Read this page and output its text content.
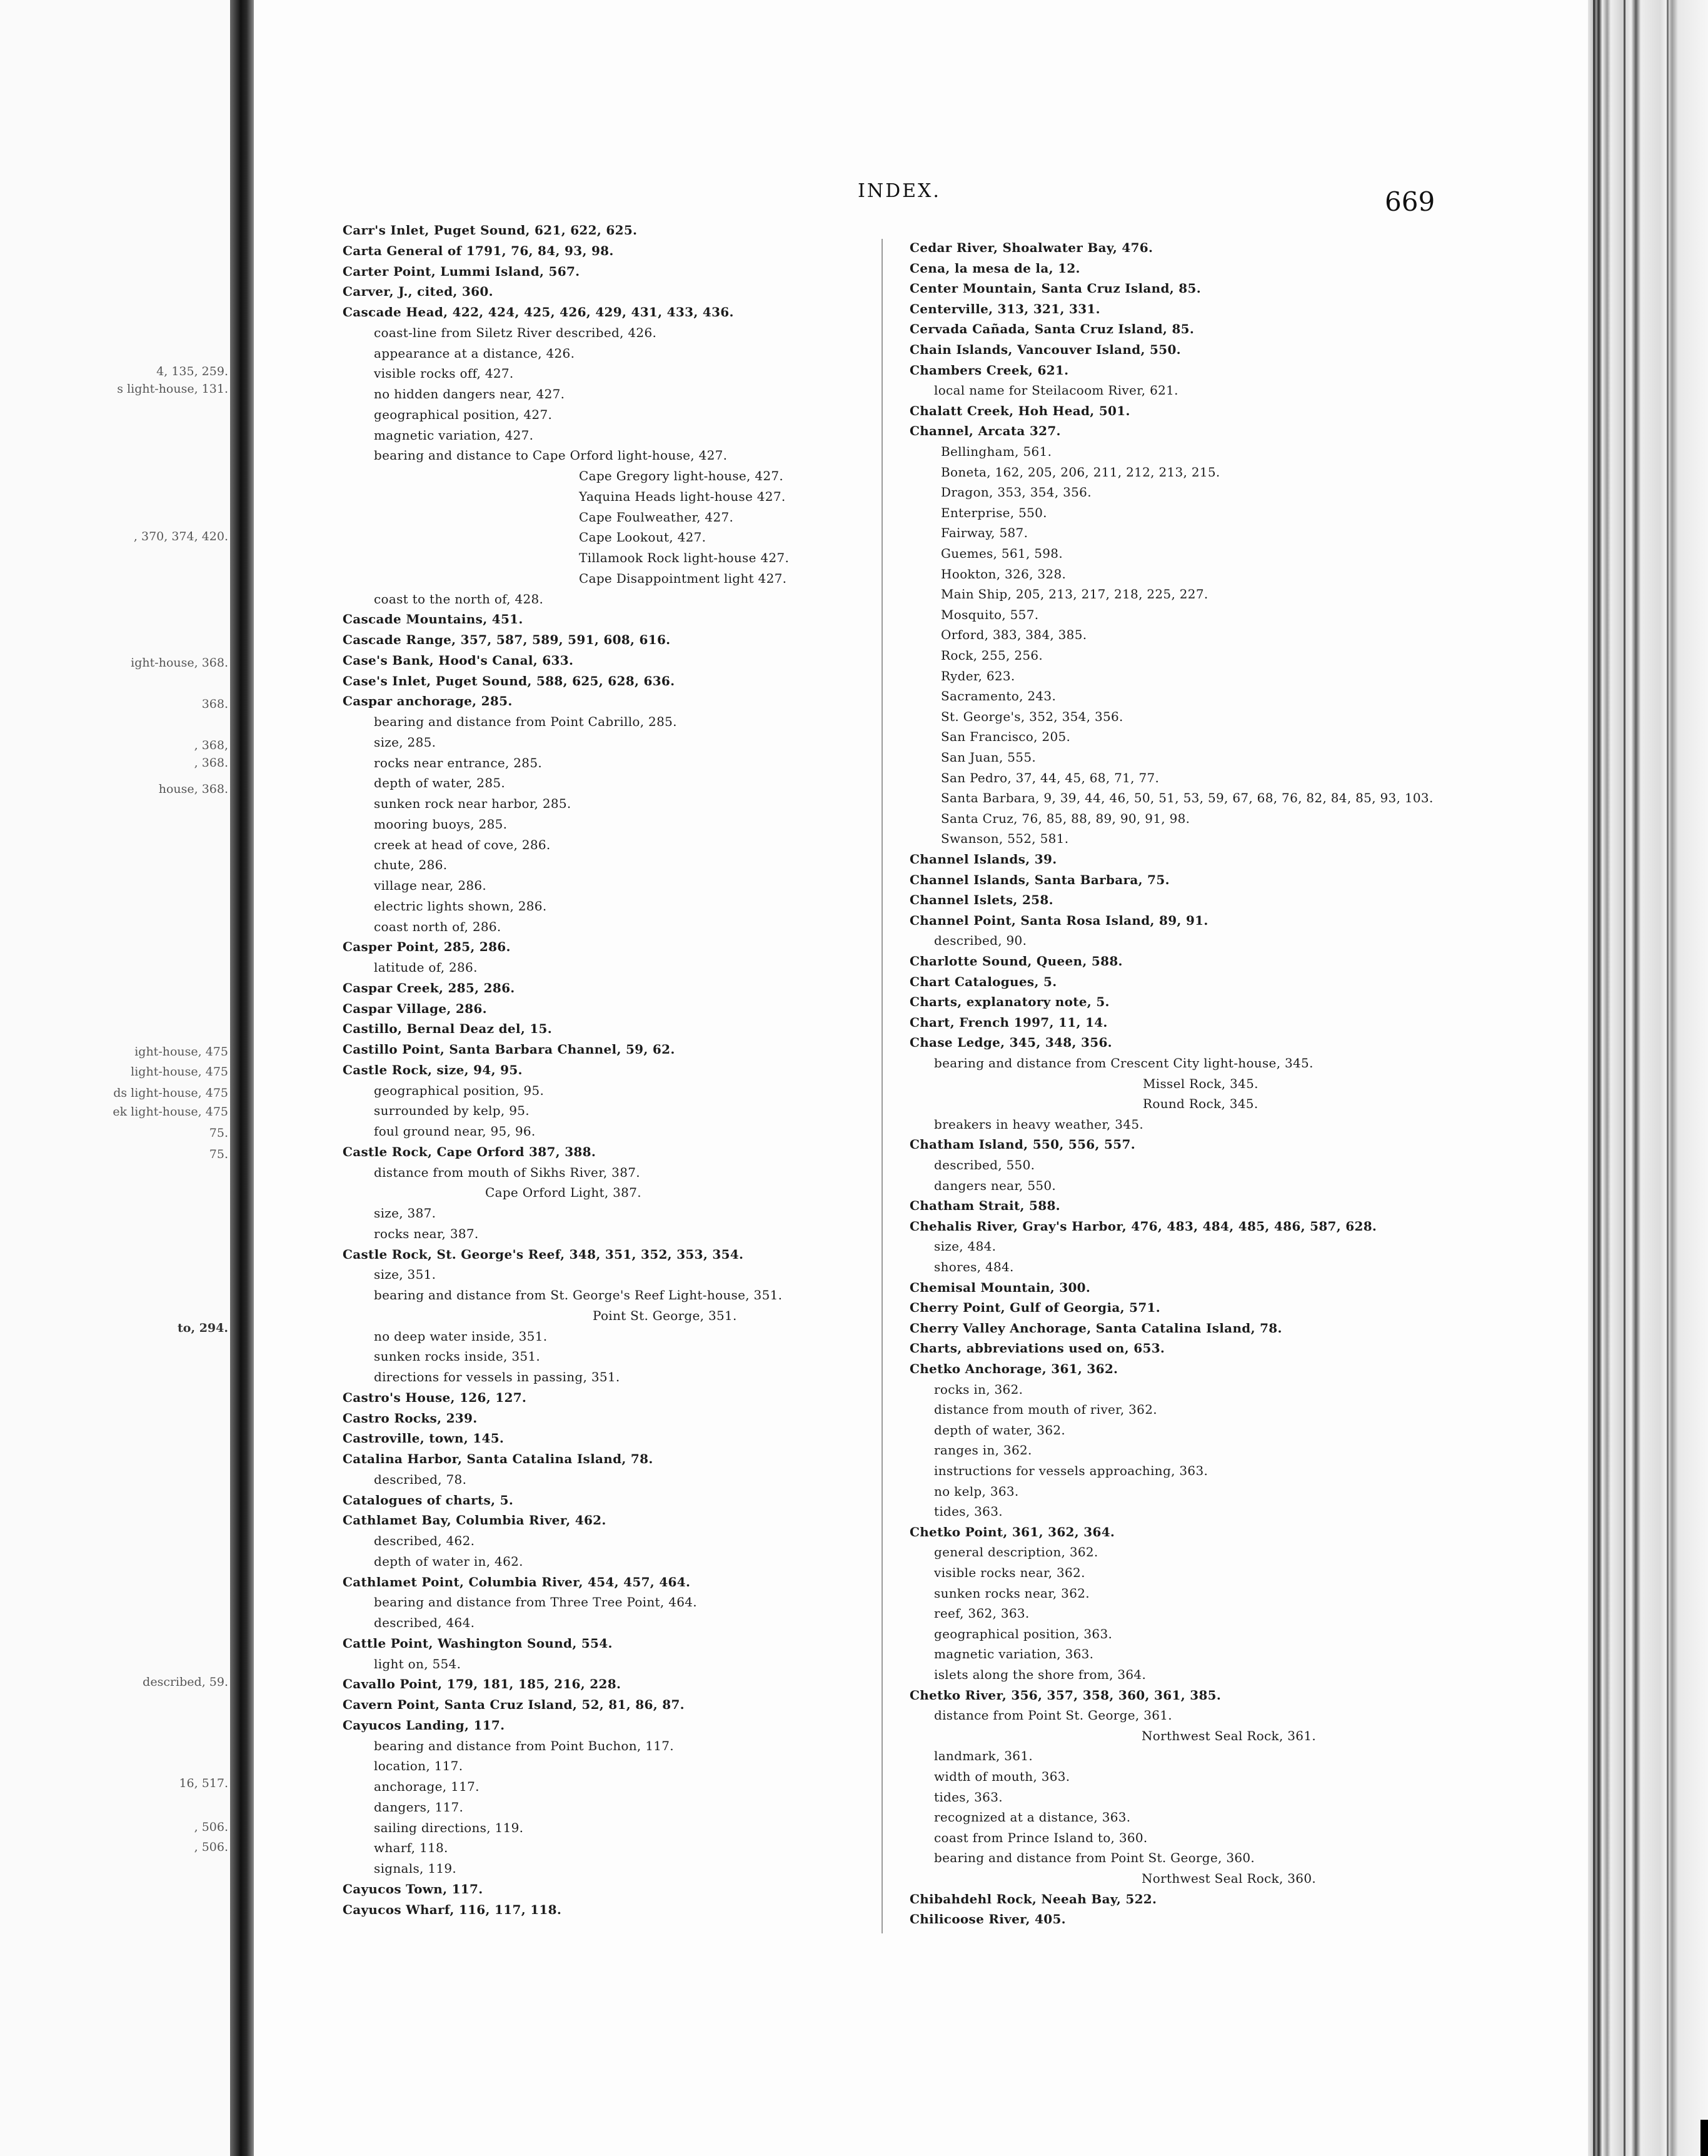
4, 135, 259.
s light-house, 131.
, 370, 374, 420.
ight-house, 368.
368.
, 368,
, 368.
house, 368.
ight-house, 475
light-house, 475
ds light-house, 475
ek light-house, 475
75.
75.
to, 294.
described, 59.
16, 517.
, 506.
, 506.
INDEX.	669
Carr's Inlet, Puget Sound, 621, 622, 625.
Carta General of 1791, 76, 84, 93, 98.
Carter Point, Lummi Island, 567.
Carver, J., cited, 360.
Cascade Head, 422, 424, 425, 426, 429, 431, 433, 436.
coast-line from Siletz River described, 426.
appearance at a distance, 426.
visible rocks off, 427.
no hidden dangers near, 427.
geographical position, 427.
magnetic variation, 427.
bearing and distance to Cape Orford light-house, 427.
Cape Gregory light-house, 427.
Yaquina Heads light-house 427.
Cape Foulweather, 427.
Cape Lookout, 427.
Tillamook Rock light-house 427.
Cape Disappointment light 427.
coast to the north of, 428.
Cascade Mountains, 451.
Cascade Range, 357, 587, 589, 591, 608, 616.
Case's Bank, Hood's Canal, 633.
Case's Inlet, Puget Sound, 588, 625, 628, 636.
Caspar anchorage, 285.
bearing and distance from Point Cabrillo, 285.
size, 285.
rocks near entrance, 285.
depth of water, 285.
sunken rock near harbor, 285.
mooring buoys, 285.
creek at head of cove, 286.
chute, 286.
village near, 286.
electric lights shown, 286.
coast north of, 286.
Casper Point, 285, 286.
latitude of, 286.
Caspar Creek, 285, 286.
Caspar Village, 286.
Castillo, Bernal Deaz del, 15.
Castillo Point, Santa Barbara Channel, 59, 62.
Castle Rock, size, 94, 95.
geographical position, 95.
surrounded by kelp, 95.
foul ground near, 95, 96.
Castle Rock, Cape Orford 387, 388.
distance from mouth of Sikhs River, 387.
Cape Orford Light, 387.
size, 387.
rocks near, 387.
Castle Rock, St. George's Reef, 348, 351, 352, 353, 354.
size, 351.
bearing and distance from St. George's Reef Light-house, 351.
Point St. George, 351.
no deep water inside, 351.
sunken rocks inside, 351.
directions for vessels in passing, 351.
Castro's House, 126, 127.
Castro Rocks, 239.
Castroville, town, 145.
Catalina Harbor, Santa Catalina Island, 78.
described, 78.
Catalogues of charts, 5.
Cathlamet Bay, Columbia River, 462.
described, 462.
depth of water in, 462.
Cathlamet Point, Columbia River, 454, 457, 464.
bearing and distance from Three Tree Point, 464.
described, 464.
Cattle Point, Washington Sound, 554.
light on, 554.
Cavallo Point, 179, 181, 185, 216, 228.
Cavern Point, Santa Cruz Island, 52, 81, 86, 87.
Cayucos Landing, 117.
bearing and distance from Point Buchon, 117.
location, 117.
anchorage, 117.
dangers, 117.
sailing directions, 119.
wharf, 118.
signals, 119.
Cayucos Town, 117.
Cayucos Wharf, 116, 117, 118.
Cedar River, Shoalwater Bay, 476.
Cena, la mesa de la, 12.
Center Mountain, Santa Cruz Island, 85.
Centerville, 313, 321, 331.
Cervada Cañada, Santa Cruz Island, 85.
Chain Islands, Vancouver Island, 550.
Chambers Creek, 621.
local name for Steilacoom River, 621.
Chalatt Creek, Hoh Head, 501.
Channel, Arcata 327.
Bellingham, 561.
Boneta, 162, 205, 206, 211, 212, 213, 215.
Dragon, 353, 354, 356.
Enterprise, 550.
Fairway, 587.
Guemes, 561, 598.
Hookton, 326, 328.
Main Ship, 205, 213, 217, 218, 225, 227.
Mosquito, 557.
Orford, 383, 384, 385.
Rock, 255, 256.
Ryder, 623.
Sacramento, 243.
St. George's, 352, 354, 356.
San Francisco, 205.
San Juan, 555.
San Pedro, 37, 44, 45, 68, 71, 77.
Santa Barbara, 9, 39, 44, 46, 50, 51, 53, 59, 67, 68, 76, 82, 84, 85, 93, 103.
Santa Cruz, 76, 85, 88, 89, 90, 91, 98.
Swanson, 552, 581.
Channel Islands, 39.
Channel Islands, Santa Barbara, 75.
Channel Islets, 258.
Channel Point, Santa Rosa Island, 89, 91.
described, 90.
Charlotte Sound, Queen, 588.
Chart Catalogues, 5.
Charts, explanatory note, 5.
Chart, French 1997, 11, 14.
Chase Ledge, 345, 348, 356.
bearing and distance from Crescent City light-house, 345.
Missel Rock, 345.
Round Rock, 345.
breakers in heavy weather, 345.
Chatham Island, 550, 556, 557.
described, 550.
dangers near, 550.
Chatham Strait, 588.
Chehalis River, Gray's Harbor, 476, 483, 484, 485, 486, 587, 628.
size, 484.
shores, 484.
Chemisal Mountain, 300.
Cherry Point, Gulf of Georgia, 571.
Cherry Valley Anchorage, Santa Catalina Island, 78.
Charts, abbreviations used on, 653.
Chetko Anchorage, 361, 362.
rocks in, 362.
distance from mouth of river, 362.
depth of water, 362.
ranges in, 362.
instructions for vessels approaching, 363.
no kelp, 363.
tides, 363.
Chetko Point, 361, 362, 364.
general description, 362.
visible rocks near, 362.
sunken rocks near, 362.
reef, 362, 363.
geographical position, 363.
magnetic variation, 363.
islets along the shore from, 364.
Chetko River, 356, 357, 358, 360, 361, 385.
distance from Point St. George, 361.
Northwest Seal Rock, 361.
landmark, 361.
width of mouth, 363.
tides, 363.
recognized at a distance, 363.
coast from Prince Island to, 360.
bearing and distance from Point St. George, 360.
Northwest Seal Rock, 360.
Chibahdehl Rock, Neeah Bay, 522.
Chilicoose River, 405.
